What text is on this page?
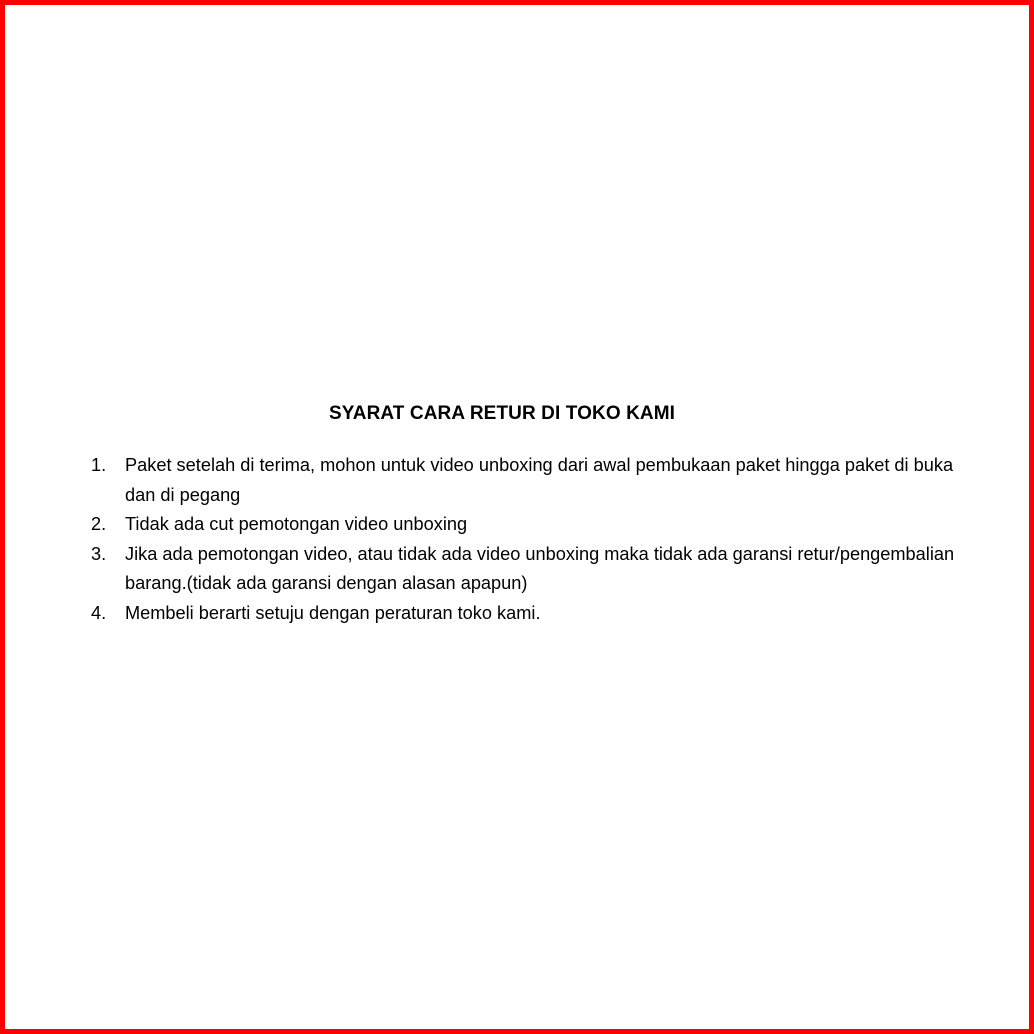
SYARAT CARA RETUR DI TOKO KAMI
1. Paket setelah di terima, mohon untuk video unboxing dari awal pembukaan paket hingga paket di buka dan di pegang
2. Tidak ada cut pemotongan video unboxing
3. Jika ada pemotongan video, atau tidak ada video unboxing maka tidak ada garansi retur/pengembalian barang.(tidak ada garansi dengan alasan apapun)
4. Membeli berarti setuju dengan peraturan toko kami.
